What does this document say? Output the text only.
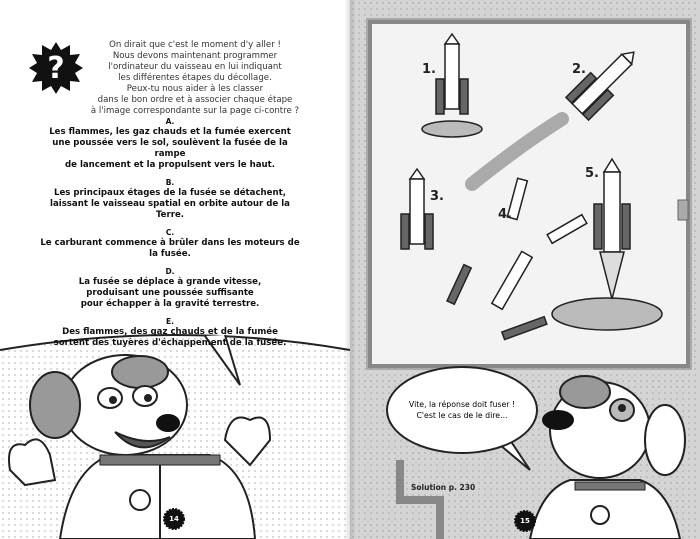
?
On dirait que c'est le moment d'y aller !
Nous devons maintenant programmer
l'ordinateur du vaisseau en lui indiquant
les différentes étapes du décollage.
Peux-tu nous aider à les classer
dans le bon ordre et à associer chaque étape
à l'image correspondante sur la page ci-contre ?
A.
Les flammes, les gaz chauds et la fumée exercent
une poussée vers le sol, soulèvent la fusée de la rampe
de lancement et la propulsent vers le haut.
B.
Les principaux étages de la fusée se détachent,
laissant le vaisseau spatial en orbite autour de la Terre.
C.
Le carburant commence à brûler dans les moteurs de la fusée.
D.
La fusée se déplace à grande vitesse,
produisant une poussée suffisante
pour échapper à la gravité terrestre.
E.
Des flammes, des gaz chauds et de la fumée
sortent des tuyères d'échappement de la fusée.
14
1.	2.
3.
4.
5.
Vite, la réponse doit fuser !
C'est le cas de le dire...
Solution p. 230
15
